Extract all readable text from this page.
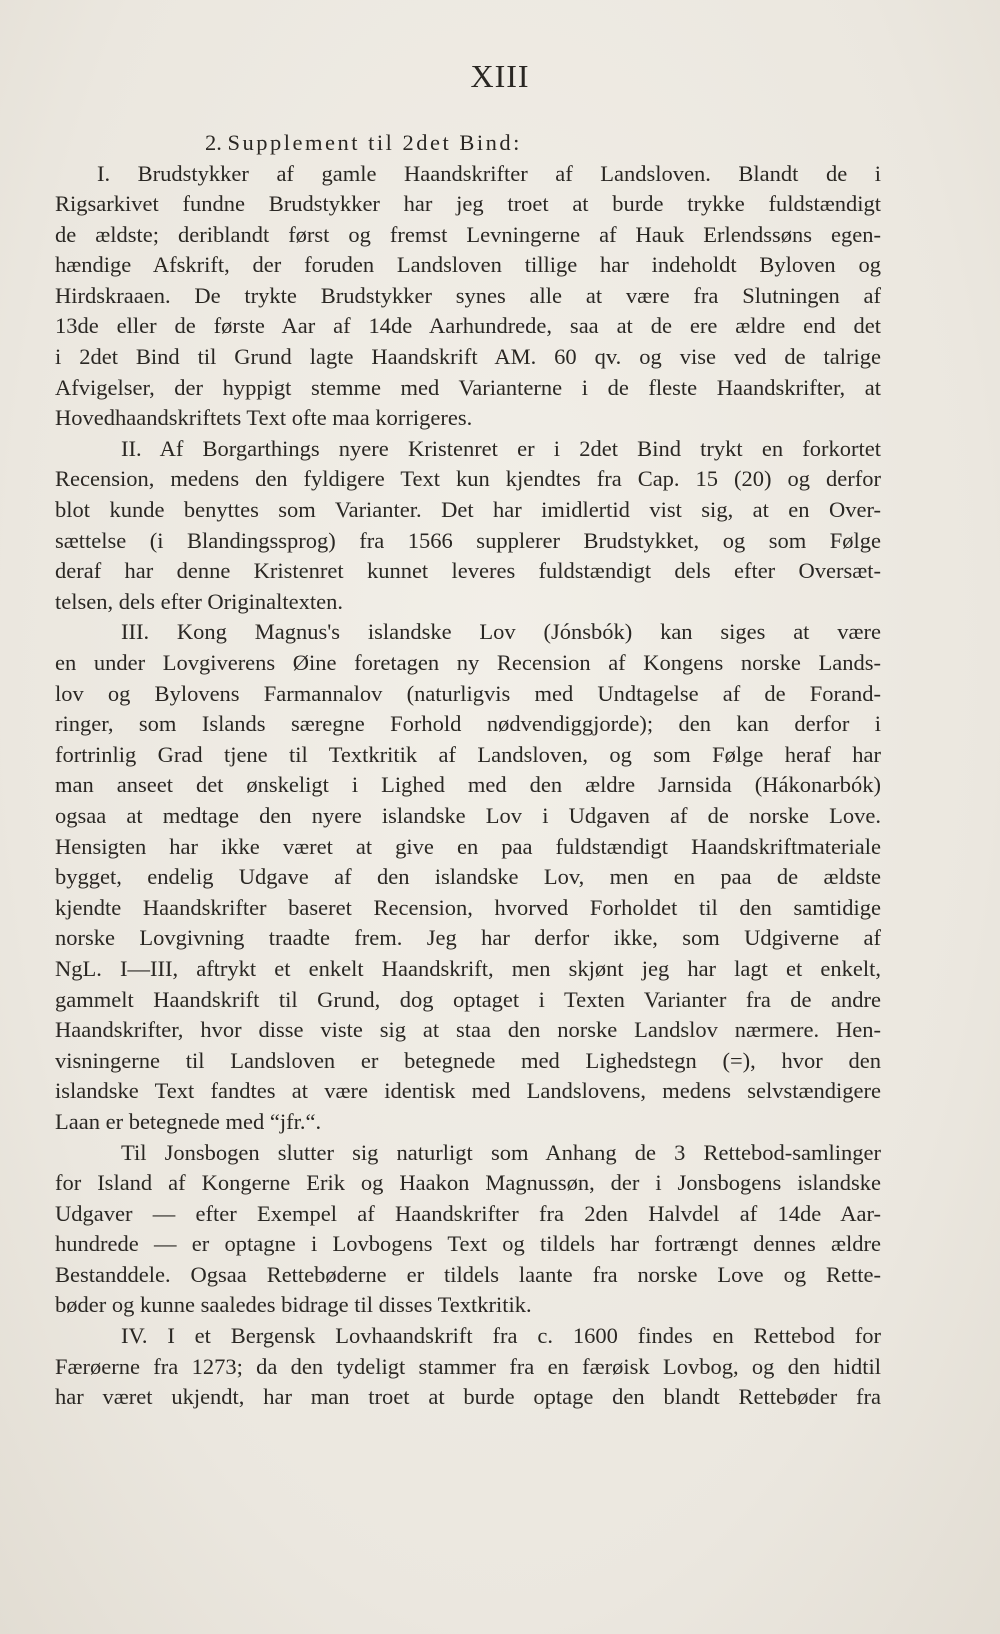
XIII
2. Supplement til 2det Bind:
I. Brudstykker af gamle Haandskrifter af Landsloven. Blandt de i
Rigsarkivet fundne Brudstykker har jeg troet at burde trykke fuldstændigt
de ældste; deriblandt først og fremst Levningerne af Hauk Erlendssøns egen-
hændige Afskrift, der foruden Landsloven tillige har indeholdt Byloven og
Hirdskraaen. De trykte Brudstykker synes alle at være fra Slutningen af
13de eller de første Aar af 14de Aarhundrede, saa at de ere ældre end det
i 2det Bind til Grund lagte Haandskrift AM. 60 qv. og vise ved de talrige
Afvigelser, der hyppigt stemme med Varianterne i de fleste Haandskrifter, at
Hovedhaandskriftets Text ofte maa korrigeres.
II. Af Borgarthings nyere Kristenret er i 2det Bind trykt en forkortet
Recension, medens den fyldigere Text kun kjendtes fra Cap. 15 (20) og derfor
blot kunde benyttes som Varianter. Det har imidlertid vist sig, at en Over-
sættelse (i Blandingssprog) fra 1566 supplerer Brudstykket, og som Følge
deraf har denne Kristenret kunnet leveres fuldstændigt dels efter Oversæt-
telsen, dels efter Originaltexten.
III. Kong Magnus's islandske Lov (Jónsbók) kan siges at være
en under Lovgiverens Øine foretagen ny Recension af Kongens norske Lands-
lov og Bylovens Farmannalov (naturligvis med Undtagelse af de Forand-
ringer, som Islands særegne Forhold nødvendiggjorde); den kan derfor i
fortrinlig Grad tjene til Textkritik af Landsloven, og som Følge heraf har
man anseet det ønskeligt i Lighed med den ældre Jarnsida (Hákonarbók)
ogsaa at medtage den nyere islandske Lov i Udgaven af de norske Love.
Hensigten har ikke været at give en paa fuldstændigt Haandskriftmateriale
bygget, endelig Udgave af den islandske Lov, men en paa de ældste
kjendte Haandskrifter baseret Recension, hvorved Forholdet til den samtidige
norske Lovgivning traadte frem. Jeg har derfor ikke, som Udgiverne af
NgL. I—III, aftrykt et enkelt Haandskrift, men skjønt jeg har lagt et enkelt,
gammelt Haandskrift til Grund, dog optaget i Texten Varianter fra de andre
Haandskrifter, hvor disse viste sig at staa den norske Landslov nærmere. Hen-
visningerne til Landsloven er betegnede med Lighedstegn (=), hvor den
islandske Text fandtes at være identisk med Landslovens, medens selvstændigere
Laan er betegnede med “jfr.“.
Til Jonsbogen slutter sig naturligt som Anhang de 3 Rettebod-samlinger
for Island af Kongerne Erik og Haakon Magnussøn, der i Jonsbogens islandske
Udgaver — efter Exempel af Haandskrifter fra 2den Halvdel af 14de Aar-
hundrede — er optagne i Lovbogens Text og tildels har fortrængt dennes ældre
Bestanddele. Ogsaa Rettebøderne er tildels laante fra norske Love og Rette-
bøder og kunne saaledes bidrage til disses Textkritik.
IV. I et Bergensk Lovhaandskrift fra c. 1600 findes en Rettebod for
Færøerne fra 1273; da den tydeligt stammer fra en færøisk Lovbog, og den hidtil
har været ukjendt, har man troet at burde optage den blandt Rettebøder fra
